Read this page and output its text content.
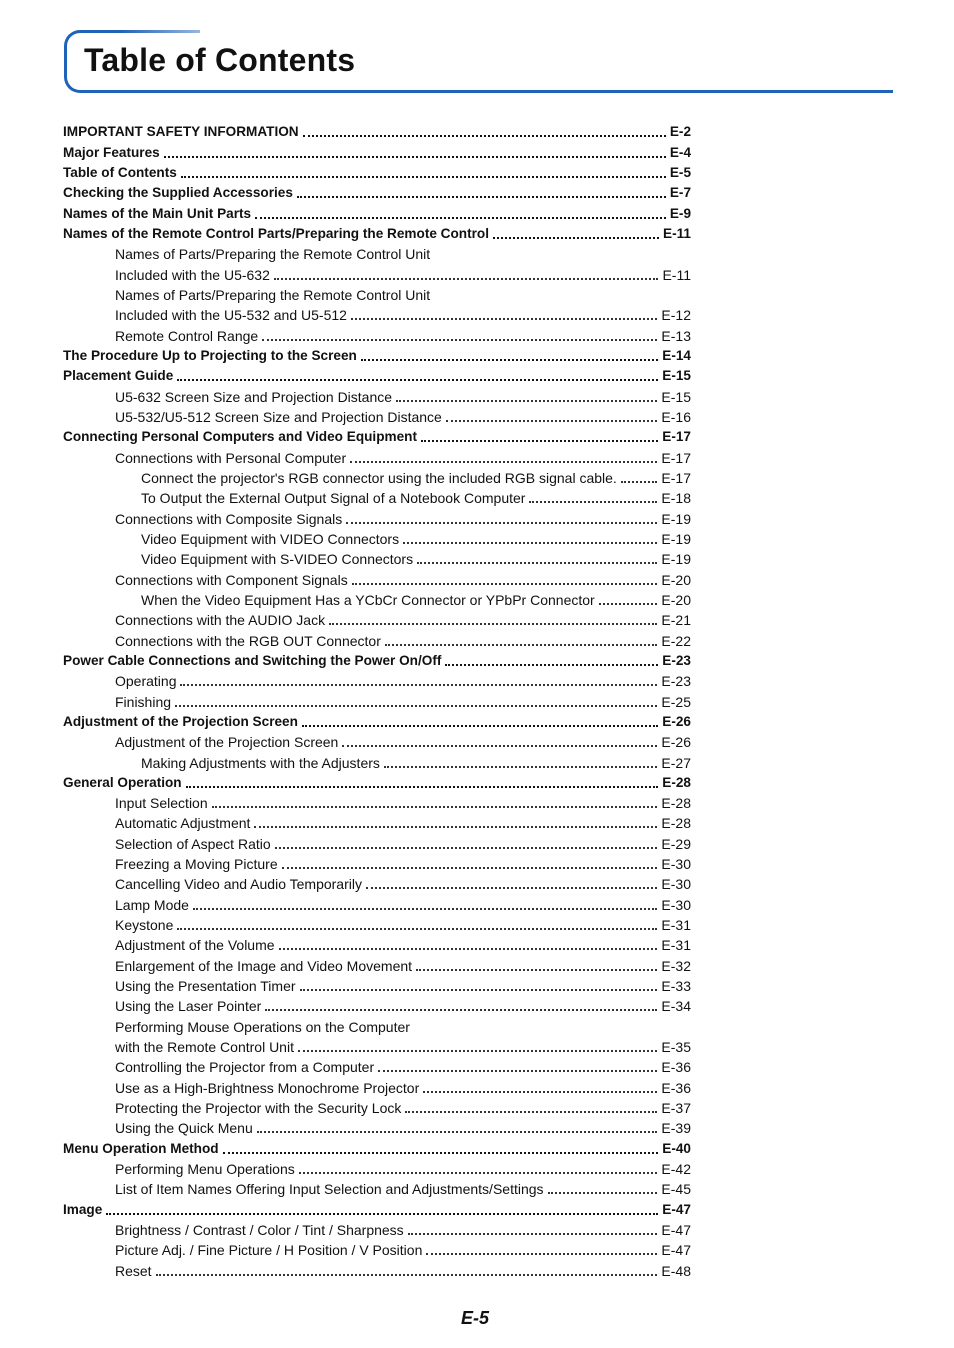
Table of Contents
IMPORTANT SAFETY INFORMATION	E-2
Major Features	E-4
Table of Contents	E-5
Checking the Supplied Accessories	E-7
Names of the Main Unit Parts	E-9
Names of the Remote Control Parts/Preparing the Remote Control	E-11
Names of Parts/Preparing the Remote Control Unit
Included with the U5-632	E-11
Names of Parts/Preparing the Remote Control Unit
Included with the U5-532 and U5-512	E-12
Remote Control Range	E-13
The Procedure Up to Projecting to the Screen	E-14
Placement Guide	E-15
U5-632 Screen Size and Projection Distance	E-15
U5-532/U5-512 Screen Size and Projection Distance	E-16
Connecting Personal Computers and Video Equipment	E-17
Connections with Personal Computer	E-17
Connect the projector's RGB connector using the included RGB signal cable.	E-17
To Output the External Output Signal of a Notebook Computer	E-18
Connections with Composite Signals	E-19
Video Equipment with VIDEO Connectors	E-19
Video Equipment with S-VIDEO Connectors	E-19
Connections with Component Signals	E-20
When the Video Equipment Has a YCbCr Connector or YPbPr Connector	E-20
Connections with the AUDIO Jack	E-21
Connections with the RGB OUT Connector	E-22
Power Cable Connections and Switching the Power On/Off	E-23
Operating	E-23
Finishing	E-25
Adjustment of the Projection Screen	E-26
Adjustment of the Projection Screen	E-26
Making Adjustments with the Adjusters	E-27
General Operation	E-28
Input Selection	E-28
Automatic Adjustment	E-28
Selection of Aspect Ratio	E-29
Freezing a Moving Picture	E-30
Cancelling Video and Audio Temporarily	E-30
Lamp Mode	E-30
Keystone	E-31
Adjustment of the Volume	E-31
Enlargement of the Image and Video Movement	E-32
Using the Presentation Timer	E-33
Using the Laser Pointer	E-34
Performing Mouse Operations on the Computer
with the Remote Control Unit	E-35
Controlling the Projector from a Computer	E-36
Use as a High-Brightness Monochrome Projector	E-36
Protecting the Projector with the Security Lock	E-37
Using the Quick Menu	E-39
Menu Operation Method	E-40
Performing Menu Operations	E-42
List of Item Names Offering Input Selection and Adjustments/Settings	E-45
Image	E-47
Brightness / Contrast / Color / Tint / Sharpness	E-47
Picture Adj. / Fine Picture / H Position / V Position	E-47
Reset	E-48
E-5
